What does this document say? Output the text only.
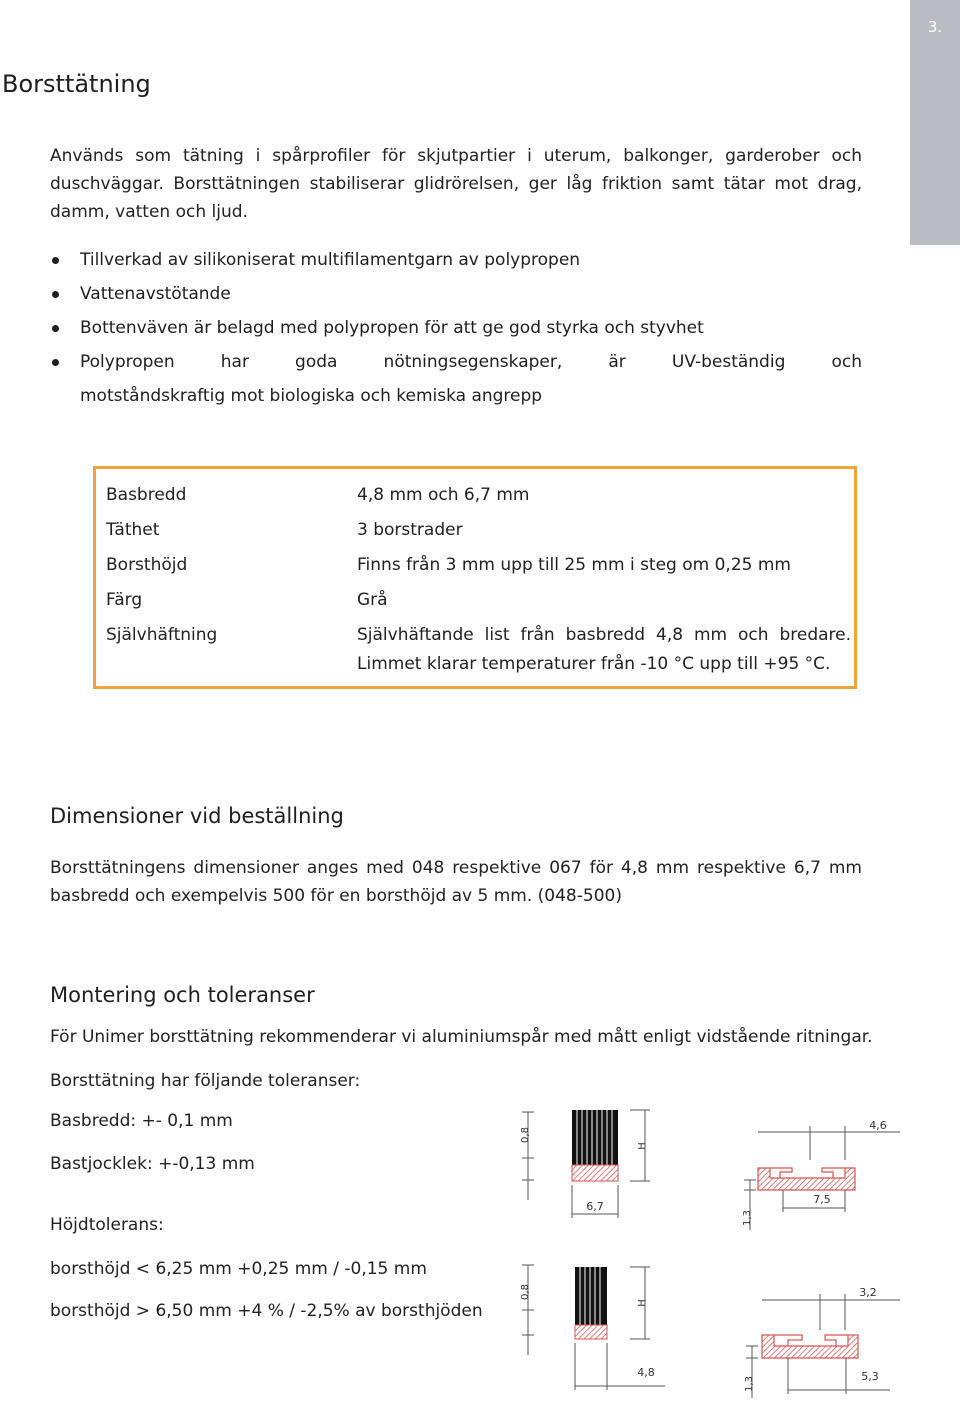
3.
Borsttätning
Används som tätning i spårprofiler för skjutpartier i uterum, balkonger, garderober och duschväggar. Borsttätningen stabiliserar glidrörelsen, ger låg friktion samt tätar mot drag, damm, vatten och ljud.
Tillverkad av silikoniserat multifilamentgarn av polypropen
Vattenavstötande
Bottenväven är belagd med polypropen för att ge god styrka och styvhet
Polypropen har goda nötningsegenskaper, är UV-beständig och
motståndskraftig mot biologiska och kemiska angrepp
Basbredd	4,8 mm och 6,7 mm
Täthet	3 borstrader
Borsthöjd	Finns från 3 mm upp till 25 mm i steg om 0,25 mm
Färg	Grå
Självhäftning	Självhäftande list från basbredd 4,8 mm och bredare.
Limmet klarar temperaturer från -10 °C upp till +95 °C.
Dimensioner vid beställning
Borsttätningens dimensioner anges med 048 respektive 067 för 4,8 mm respektive 6,7 mm basbredd och exempelvis 500 för en borsthöjd av 5 mm. (048-500)
Montering och toleranser
För Unimer borsttätning rekommenderar vi aluminiumspår med mått enligt vidstående ritningar.
Borsttätning har följande toleranser:
Basbredd: +- 0,1 mm
Bastjocklek: +-0,13 mm
Höjdtolerans:
borsthöjd < 6,25 mm +0,25 mm / -0,15 mm
borsthöjd > 6,50 mm +4 % / -2,5% av borsthjöden
0,8
H
6,7
4,6
1,3
7,5
0,8
H
4,8
3,2
1,3	5,3
